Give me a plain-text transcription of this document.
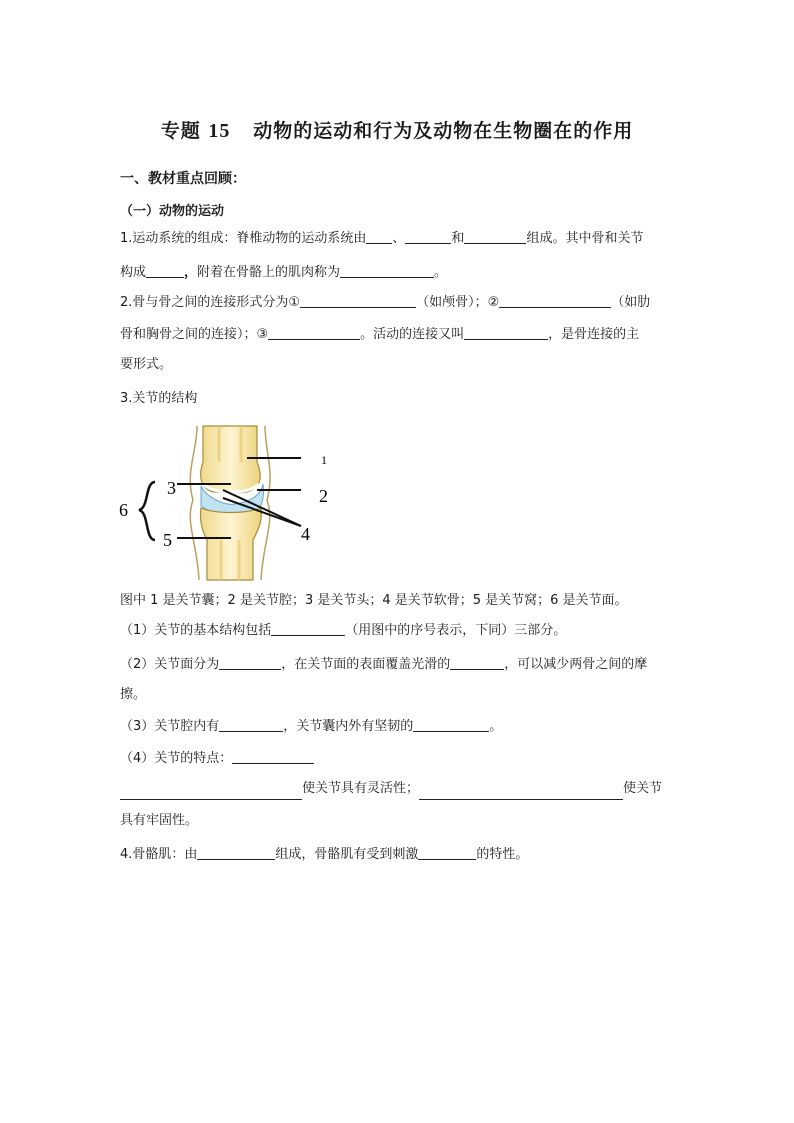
专题 15 动物的运动和行为及动物在生物圈在的作用
一、教材重点回顾：
（一）动物的运动
1.运动系统的组成：脊椎动物的运动系统由 、	和	组成。其中骨和关节
构成	，附着在骨骼上的肌肉称为	。
2.骨与骨之间的连接形式分为①	（如颅骨）；②	（如肋
骨和胸骨之间的连接）；③	。活动的连接又叫	，是骨连接的主
要形式。
3.关节的结构
1
2
3
4
5
6
图中 1 是关节囊；2 是关节腔；3 是关节头；4 是关节软骨；5 是关节窝；6 是关节面。
（1）关节的基本结构包括	（用图中的序号表示，下同）三部分。
（2）关节面分为	，在关节面的表面覆盖光滑的	，可以减少两骨之间的摩
擦。
（3）关节腔内有	，关节囊内外有坚韧的	。
（4）关节的特点：
使关节具有灵活性；	使关节
具有牢固性。
4.骨骼肌：由	组成，骨骼肌有受到刺激	的特性。
